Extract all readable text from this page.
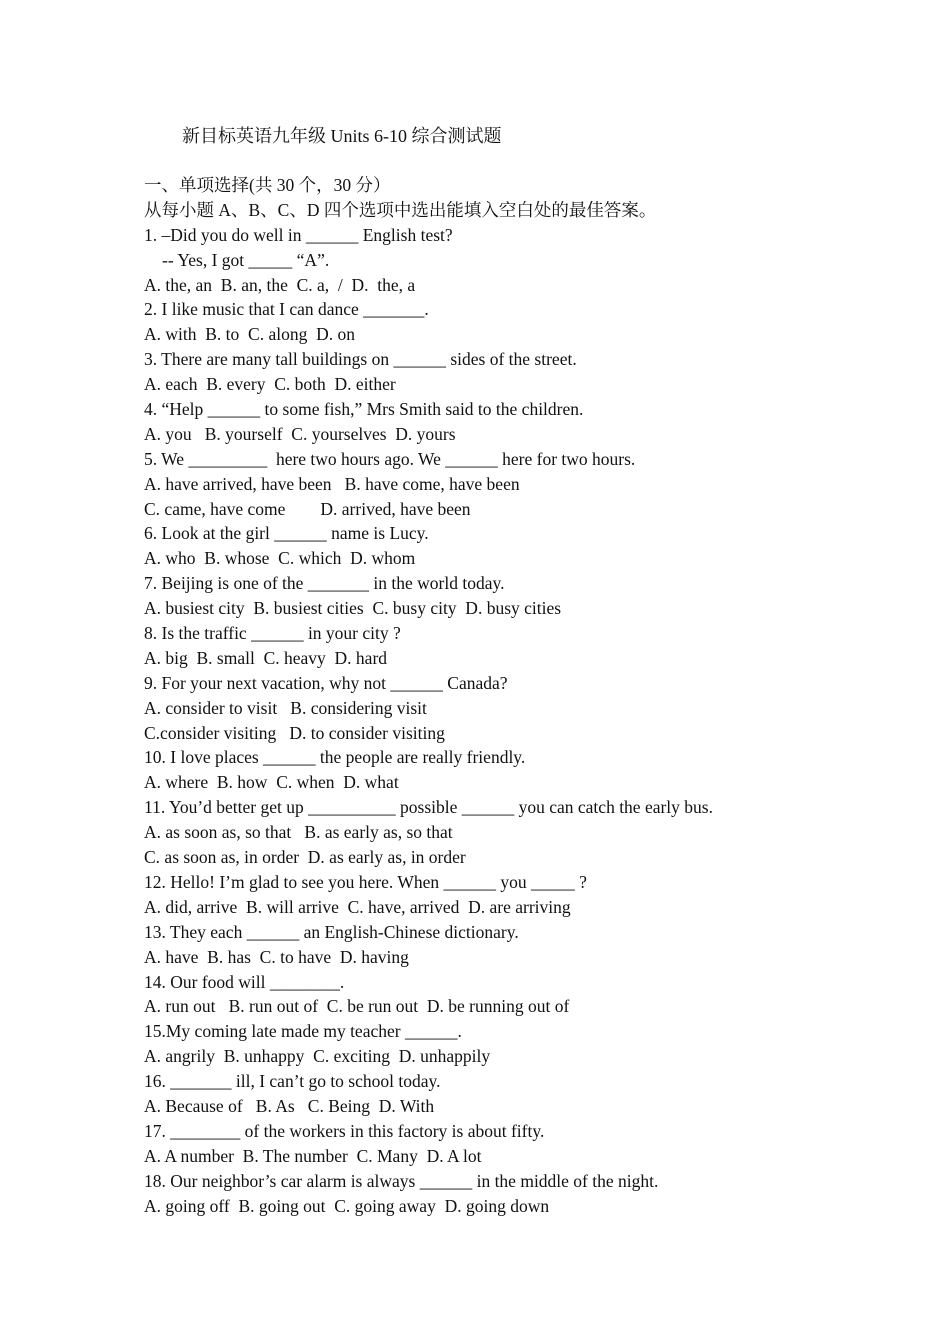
新目标英语九年级 Units 6-10 综合测试题
一、单项选择(共 30 个，30 分）
从每小题 A、B、C、D 四个选项中选出能填入空白处的最佳答案。
1. –Did you do well in ______ English test?
-- Yes, I got _____ “A”.
A. the, an  B. an, the  C. a,  /  D.  the, a
2. I like music that I can dance _______.
A. with  B. to  C. along  D. on
3. There are many tall buildings on ______ sides of the street.
A. each  B. every  C. both  D. either
4. “Help ______ to some fish,” Mrs Smith said to the children.
A. you   B. yourself  C. yourselves  D. yours
5. We _________  here two hours ago. We ______ here for two hours.
A. have arrived, have been   B. have come, have been
C. came, have come        D. arrived, have been
6. Look at the girl ______ name is Lucy.
A. who  B. whose  C. which  D. whom
7. Beijing is one of the _______ in the world today.
A. busiest city  B. busiest cities  C. busy city  D. busy cities
8. Is the traffic ______ in your city ?
A. big  B. small  C. heavy  D. hard
9. For your next vacation, why not ______ Canada?
A. consider to visit   B. considering visit
C.consider visiting   D. to consider visiting
10. I love places ______ the people are really friendly.
A. where  B. how  C. when  D. what
11. You’d better get up __________ possible ______ you can catch the early bus.
A. as soon as, so that   B. as early as, so that
C. as soon as, in order  D. as early as, in order
12. Hello! I’m glad to see you here. When ______ you _____ ?
A. did, arrive  B. will arrive  C. have, arrived  D. are arriving
13. They each ______ an English-Chinese dictionary.
A. have  B. has  C. to have  D. having
14. Our food will ________.
A. run out   B. run out of  C. be run out  D. be running out of
15.My coming late made my teacher ______.
A. angrily  B. unhappy  C. exciting  D. unhappily
16. _______ ill, I can’t go to school today.
A. Because of   B. As   C. Being  D. With
17. ________ of the workers in this factory is about fifty.
A. A number  B. The number  C. Many  D. A lot
18. Our neighbor’s car alarm is always ______ in the middle of the night.
A. going off  B. going out  C. going away  D. going down
